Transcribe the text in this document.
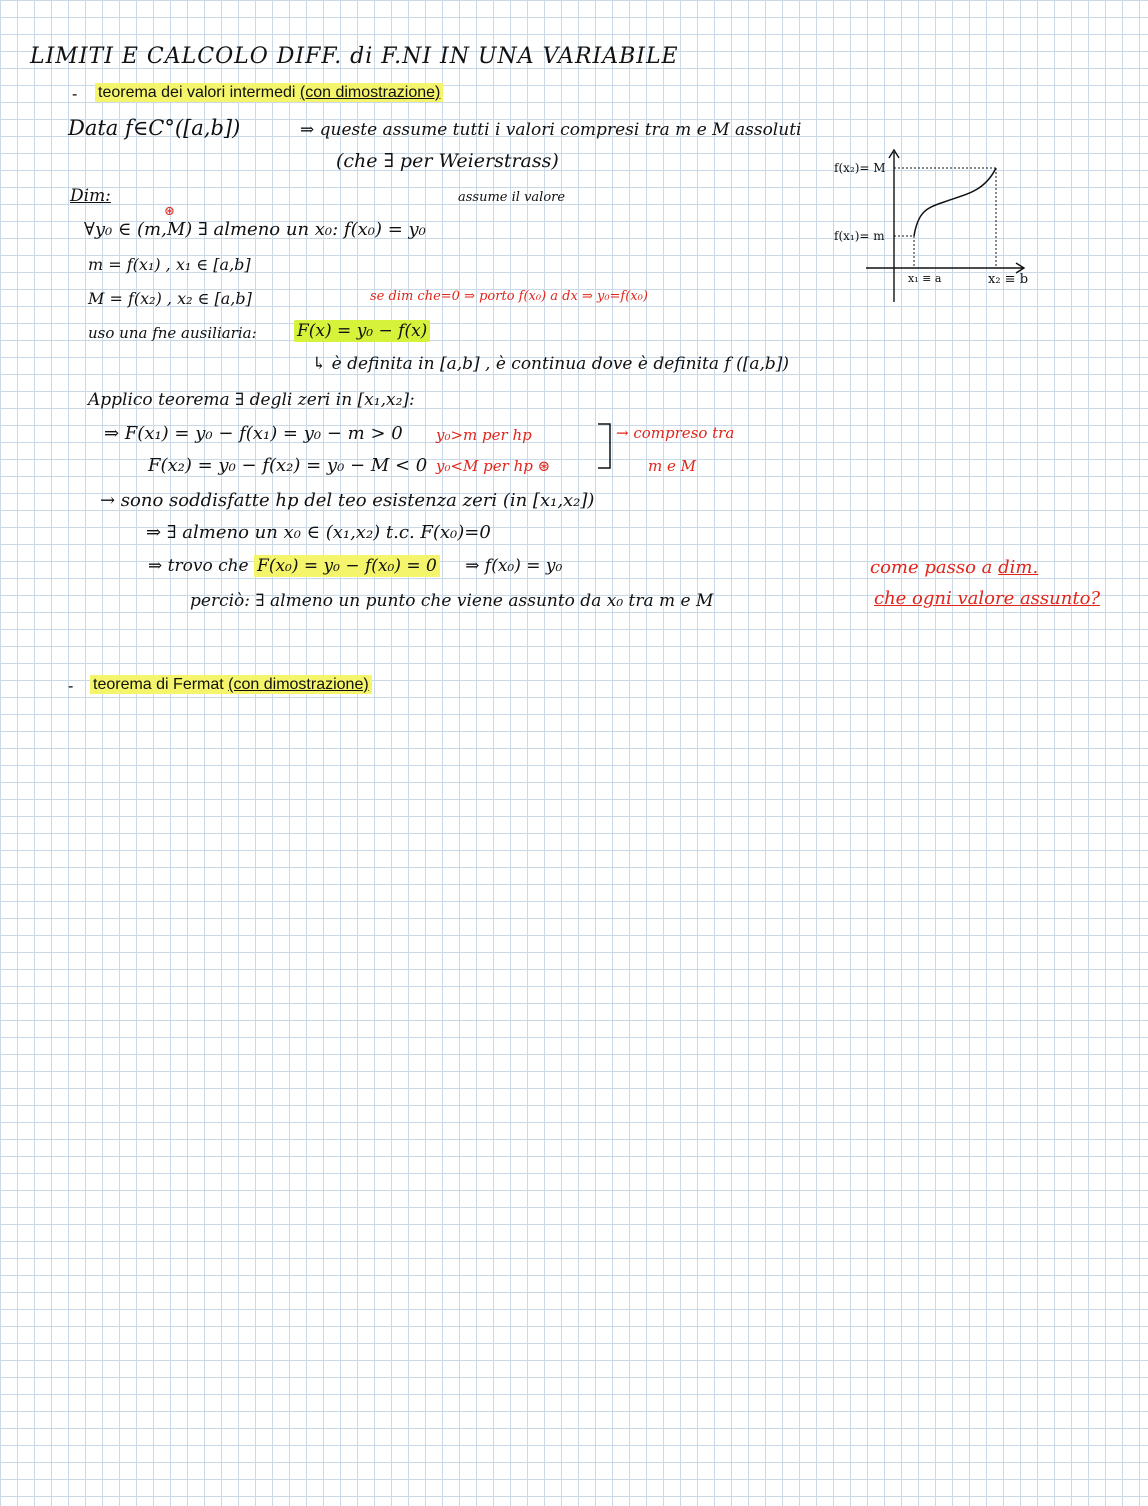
LIMITI E CALCOLO DIFF. di F.NI IN UNA VARIABILE
- teorema dei valori intermedi (con dimostrazione)
Data f∈C°([a,b])	⇒ queste assume tutti i valori compresi tra m e M assoluti
(che ∃ per Weierstrass)
Dim:	assume il valore
⊛
∀y₀ ∈ (m,M) ∃ almeno un x₀: f(x₀) = y₀
m = f(x₁) , x₁ ∈ [a,b]
M = f(x₂) , x₂ ∈ [a,b]	se dim che=0 ⇒ porto f(x₀) a dx ⇒ y₀=f(x₀)
uso una fne ausiliaria: F(x) = y₀ − f(x)
↳ è definita in [a,b] , è continua dove è definita f ([a,b])
Applico teorema ∃ degli zeri in [x₁,x₂]:
⇒ F(x₁) = y₀ − f(x₁) = y₀ − m > 0 y₀>m per hp
F(x₂) = y₀ − f(x₂) = y₀ − M < 0 y₀<M per hp ⊛
→ compreso tra
m e M
→ sono soddisfatte hp del teo esistenza zeri (in [x₁,x₂])
⇒ ∃ almeno un x₀ ∈ (x₁,x₂) t.c. F(x₀)=0
⇒ trovo che F(x₀) = y₀ − f(x₀) = 0 ⇒ f(x₀) = y₀
perciò: ∃ almeno un punto che viene assunto da x₀ tra m e M
come passo a dim.
che ogni valore assunto?
f(x₂)= M
f(x₁)= m
x₁ ≡ a	x₂ ≡ b
- teorema di Fermat (con dimostrazione)
